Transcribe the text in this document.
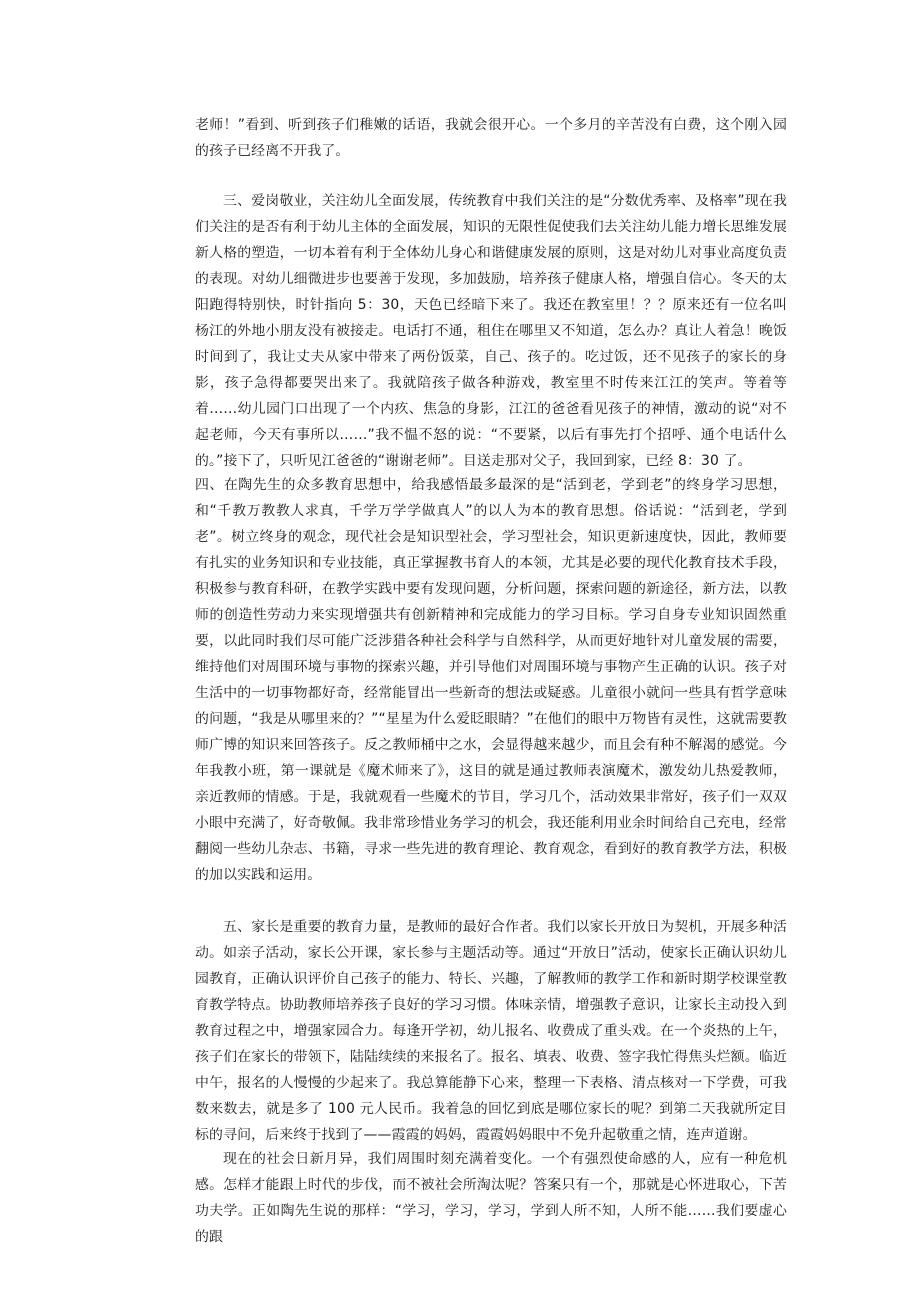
老师！”看到、听到孩子们稚嫩的话语，我就会很开心。一个多月的辛苦没有白费，这个刚入园的孩子已经离不开我了。

三、爱岗敬业，关注幼儿全面发展，传统教育中我们关注的是“分数优秀率、及格率”现在我们关注的是否有利于幼儿主体的全面发展，知识的无限性促使我们去关注幼儿能力增长思维发展新人格的塑造，一切本着有利于全体幼儿身心和谐健康发展的原则，这是对幼儿对事业高度负责的表现。对幼儿细微进步也要善于发现，多加鼓励，培养孩子健康人格，增强自信心。冬天的太阳跑得特别快，时针指向 5：30，天色已经暗下来了。我还在教室里！？？原来还有一位名叫杨江的外地小朋友没有被接走。电话打不通，租住在哪里又不知道，怎么办？真让人着急！晚饭时间到了，我让丈夫从家中带来了两份饭菜，自己、孩子的。吃过饭，还不见孩子的家长的身影，孩子急得都要哭出来了。我就陪孩子做各种游戏，教室里不时传来江江的笑声。等着等着……幼儿园门口出现了一个内疚、焦急的身影，江江的爸爸看见孩子的神情，激动的说“对不起老师，今天有事所以……”我不愠不怒的说：“不要紧，以后有事先打个招呼、通个电话什么的。”接下了，只听见江爸爸的“谢谢老师”。目送走那对父子，我回到家，已经 8：30 了。

四、在陶先生的众多教育思想中，给我感悟最多最深的是“活到老，学到老”的终身学习思想，和“千教万教教人求真，千学万学学做真人”的以人为本的教育思想。俗话说：“活到老，学到老”。树立终身的观念，现代社会是知识型社会，学习型社会，知识更新速度快，因此，教师要有扎实的业务知识和专业技能，真正掌握教书育人的本领，尤其是必要的现代化教育技术手段，积极参与教育科研，在教学实践中要有发现问题，分析问题，探索问题的新途径，新方法，以教师的创造性劳动力来实现增强共有创新精神和完成能力的学习目标。学习自身专业知识固然重要，以此同时我们尽可能广泛涉猎各种社会科学与自然科学，从而更好地针对儿童发展的需要，维持他们对周围环境与事物的探索兴趣，并引导他们对周围环境与事物产生正确的认识。孩子对生活中的一切事物都好奇，经常能冒出一些新奇的想法或疑惑。儿童很小就问一些具有哲学意味的问题，“我是从哪里来的？”“星星为什么爱眨眼睛？”在他们的眼中万物皆有灵性，这就需要教师广博的知识来回答孩子。反之教师桶中之水，会显得越来越少，而且会有种不解渴的感觉。今年我教小班，第一课就是《魔术师来了》，这目的就是通过教师表演魔术，激发幼儿热爱教师，亲近教师的情感。于是，我就观看一些魔术的节目，学习几个，活动效果非常好，孩子们一双双小眼中充满了，好奇敬佩。我非常珍惜业务学习的机会，我还能利用业余时间给自己充电，经常翻阅一些幼儿杂志、书籍，寻求一些先进的教育理论、教育观念，看到好的教育教学方法，积极的加以实践和运用。

五、家长是重要的教育力量，是教师的最好合作者。我们以家长开放日为契机，开展多种活动。如亲子活动，家长公开课，家长参与主题活动等。通过“开放日”活动，使家长正确认识幼儿园教育，正确认识评价自己孩子的能力、特长、兴趣，了解教师的教学工作和新时期学校课堂教育教学特点。协助教师培养孩子良好的学习习惯。体味亲情，增强教子意识，让家长主动投入到教育过程之中，增强家园合力。每逢开学初，幼儿报名、收费成了重头戏。在一个炎热的上午，孩子们在家长的带领下，陆陆续续的来报名了。报名、填表、收费、签字我忙得焦头烂额。临近中午，报名的人慢慢的少起来了。我总算能静下心来，整理一下表格、清点核对一下学费，可我数来数去，就是多了 100 元人民币。我着急的回忆到底是哪位家长的呢？到第二天我就所定目标的寻问，后来终于找到了——霞霞的妈妈，霞霞妈妈眼中不免升起敬重之情，连声道谢。

现在的社会日新月异，我们周围时刻充满着变化。一个有强烈使命感的人，应有一种危机感。怎样才能跟上时代的步伐，而不被社会所淘汰呢？答案只有一个，那就是心怀进取心，下苦功夫学。正如陶先生说的那样：“学习，学习，学习，学到人所不知，人所不能……我们要虚心的跟
